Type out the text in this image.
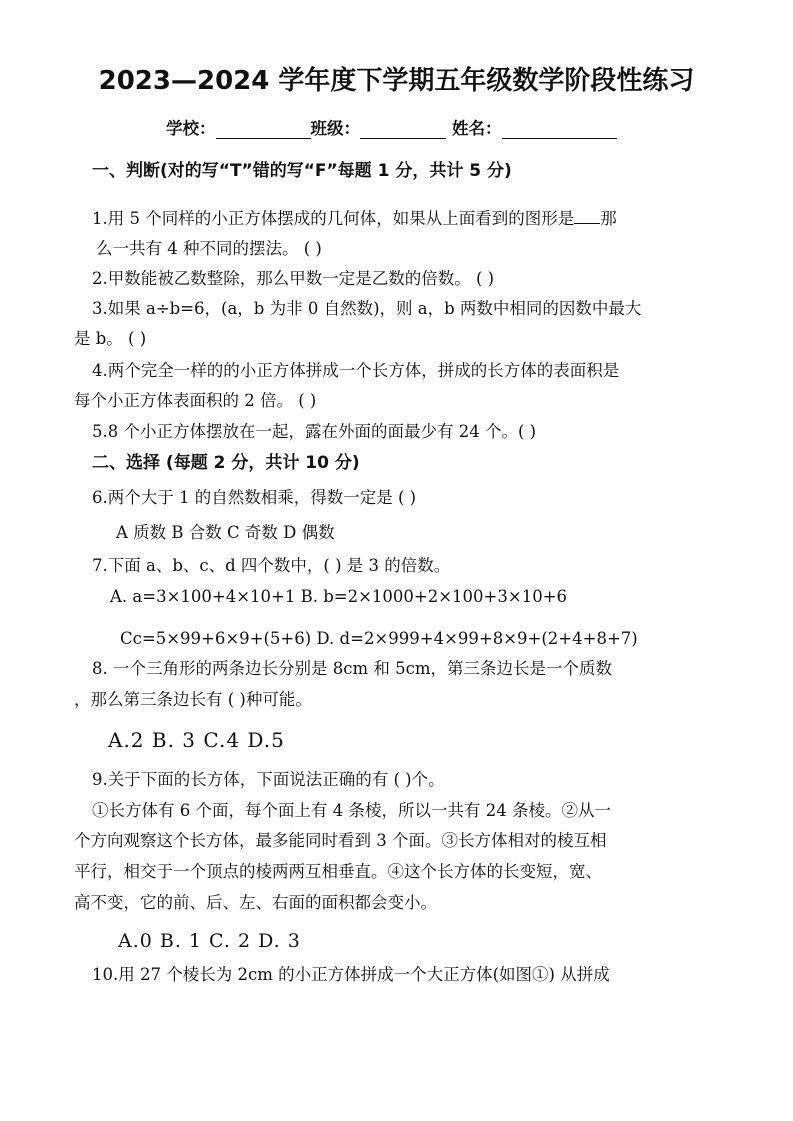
2023—2024 学年度下学期五年级数学阶段性练习
学校：	班级：	姓名：
一、判断(对的写“T”错的写“F”每题 1 分，共计 5 分)
1.用 5 个同样的小正方体摆成的几何体，如果从上面看到的图形是 那
么一共有 4 种不同的摆法。 ( )
2.甲数能被乙数整除，那么甲数一定是乙数的倍数。 ( )
3.如果 a÷b=6，(a，b 为非 0 自然数)，则 a，b 两数中相同的因数中最大
是 b。 ( )
4.两个完全一样的的小正方体拼成一个长方体，拼成的长方体的表面积是
每个小正方体表面积的 2 倍。 ( )
5.8 个小正方体摆放在一起，露在外面的面最少有 24 个。( )
二、选择 (每题 2 分，共计 10 分)
6.两个大于 1 的自然数相乘，得数一定是 ( )
A 质数 B 合数 C 奇数 D 偶数
7.下面 a、b、c、d 四个数中，( ) 是 3 的倍数。
A. a=3×100+4×10+1 B. b=2×1000+2×100+3×10+6
Cc=5×99+6×9+(5+6) D. d=2×999+4×99+8×9+(2+4+8+7)
8. 一个三角形的两条边长分别是 8cm 和 5cm，第三条边长是一个质数
，那么第三条边长有 ( )种可能。
A.2 B. 3 C.4 D.5
9.关于下面的长方体，下面说法正确的有 ( )个。
①长方体有 6 个面，每个面上有 4 条棱，所以一共有 24 条棱。②从一
个方向观察这个长方体，最多能同时看到 3 个面。③长方体相对的棱互相
平行，相交于一个顶点的棱两两互相垂直。④这个长方体的长变短，宽、
高不变，它的前、后、左、右面的面积都会变小。
A.0 B. 1 C. 2 D. 3
10.用 27 个棱长为 2cm 的小正方体拼成一个大正方体(如图①) 从拼成
